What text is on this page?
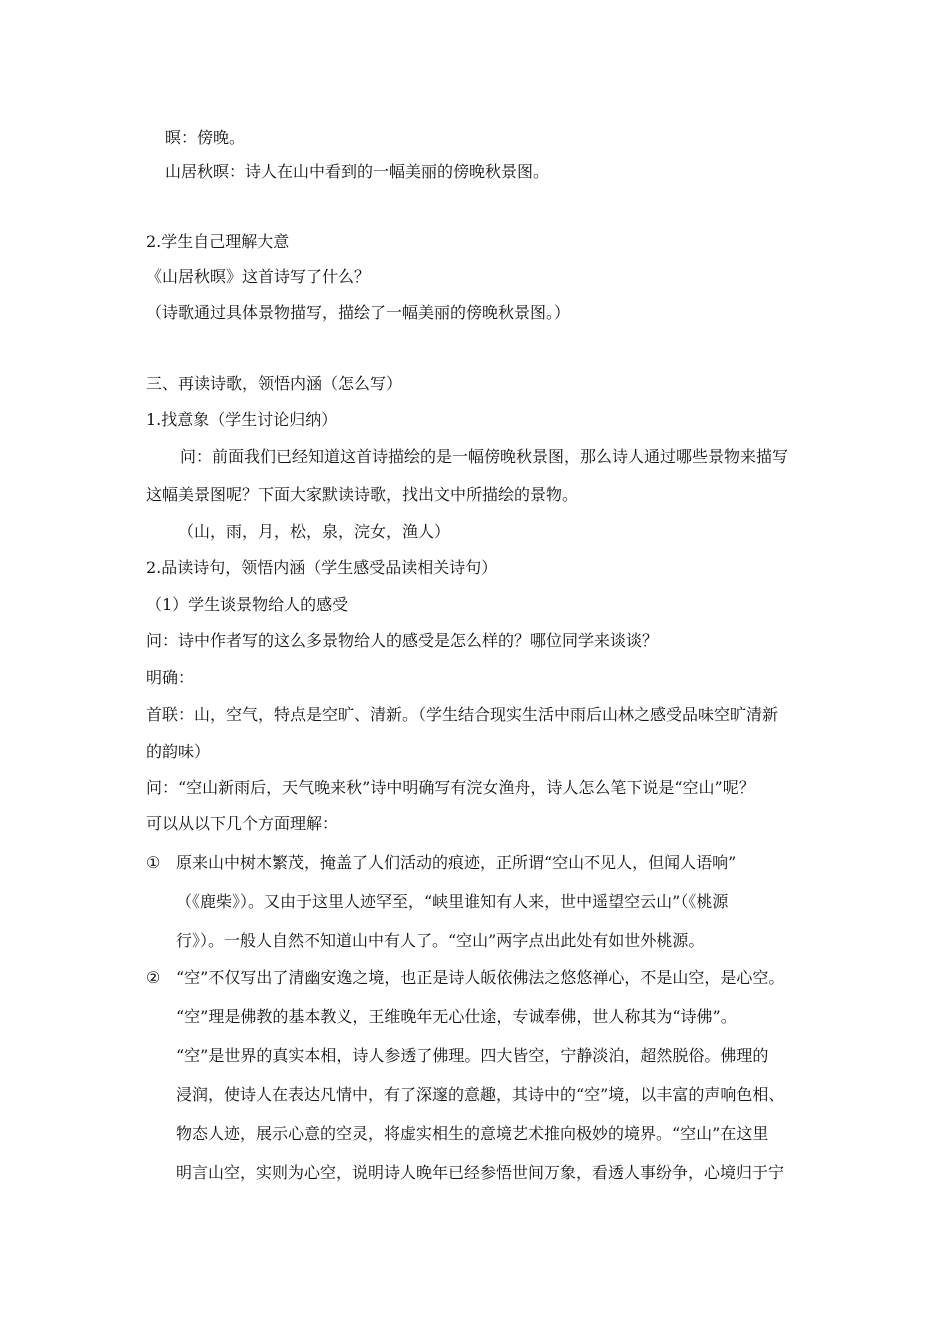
暝：傍晚。
山居秋暝：诗人在山中看到的一幅美丽的傍晚秋景图。
2.学生自己理解大意
《山居秋暝》这首诗写了什么？
（诗歌通过具体景物描写，描绘了一幅美丽的傍晚秋景图。）
三、再读诗歌，领悟内涵（怎么写）
1.找意象（学生讨论归纳）
问：前面我们已经知道这首诗描绘的是一幅傍晚秋景图，那么诗人通过哪些景物来描写
这幅美景图呢？下面大家默读诗歌，找出文中所描绘的景物。
（山，雨，月，松，泉，浣女，渔人）
2.品读诗句，领悟内涵（学生感受品读相关诗句）
（1）学生谈景物给人的感受
问：诗中作者写的这么多景物给人的感受是怎么样的？哪位同学来谈谈？
明确：
首联：山，空气，特点是空旷、清新。（学生结合现实生活中雨后山林之感受品味空旷清新
的韵味）
问：“空山新雨后，天气晚来秋”诗中明确写有浣女渔舟，诗人怎么笔下说是“空山”呢？
可以从以下几个方面理解：
① 原来山中树木繁茂，掩盖了人们活动的痕迹，正所谓“空山不见人，但闻人语响”
（《鹿柴》）。又由于这里人迹罕至，“峡里谁知有人来，世中遥望空云山”（《桃源
行》）。一般人自然不知道山中有人了。“空山”两字点出此处有如世外桃源。
② “空”不仅写出了清幽安逸之境，也正是诗人皈依佛法之悠悠禅心，不是山空，是心空。
“空”理是佛教的基本教义，王维晚年无心仕途，专诚奉佛，世人称其为“诗佛”。
“空”是世界的真实本相，诗人参透了佛理。四大皆空，宁静淡泊，超然脱俗。佛理的
浸润，使诗人在表达凡情中，有了深邃的意趣，其诗中的“空”境，以丰富的声响色相、
物态人迹，展示心意的空灵，将虚实相生的意境艺术推向极妙的境界。“空山”在这里
明言山空，实则为心空，说明诗人晚年已经参悟世间万象，看透人事纷争，心境归于宁
